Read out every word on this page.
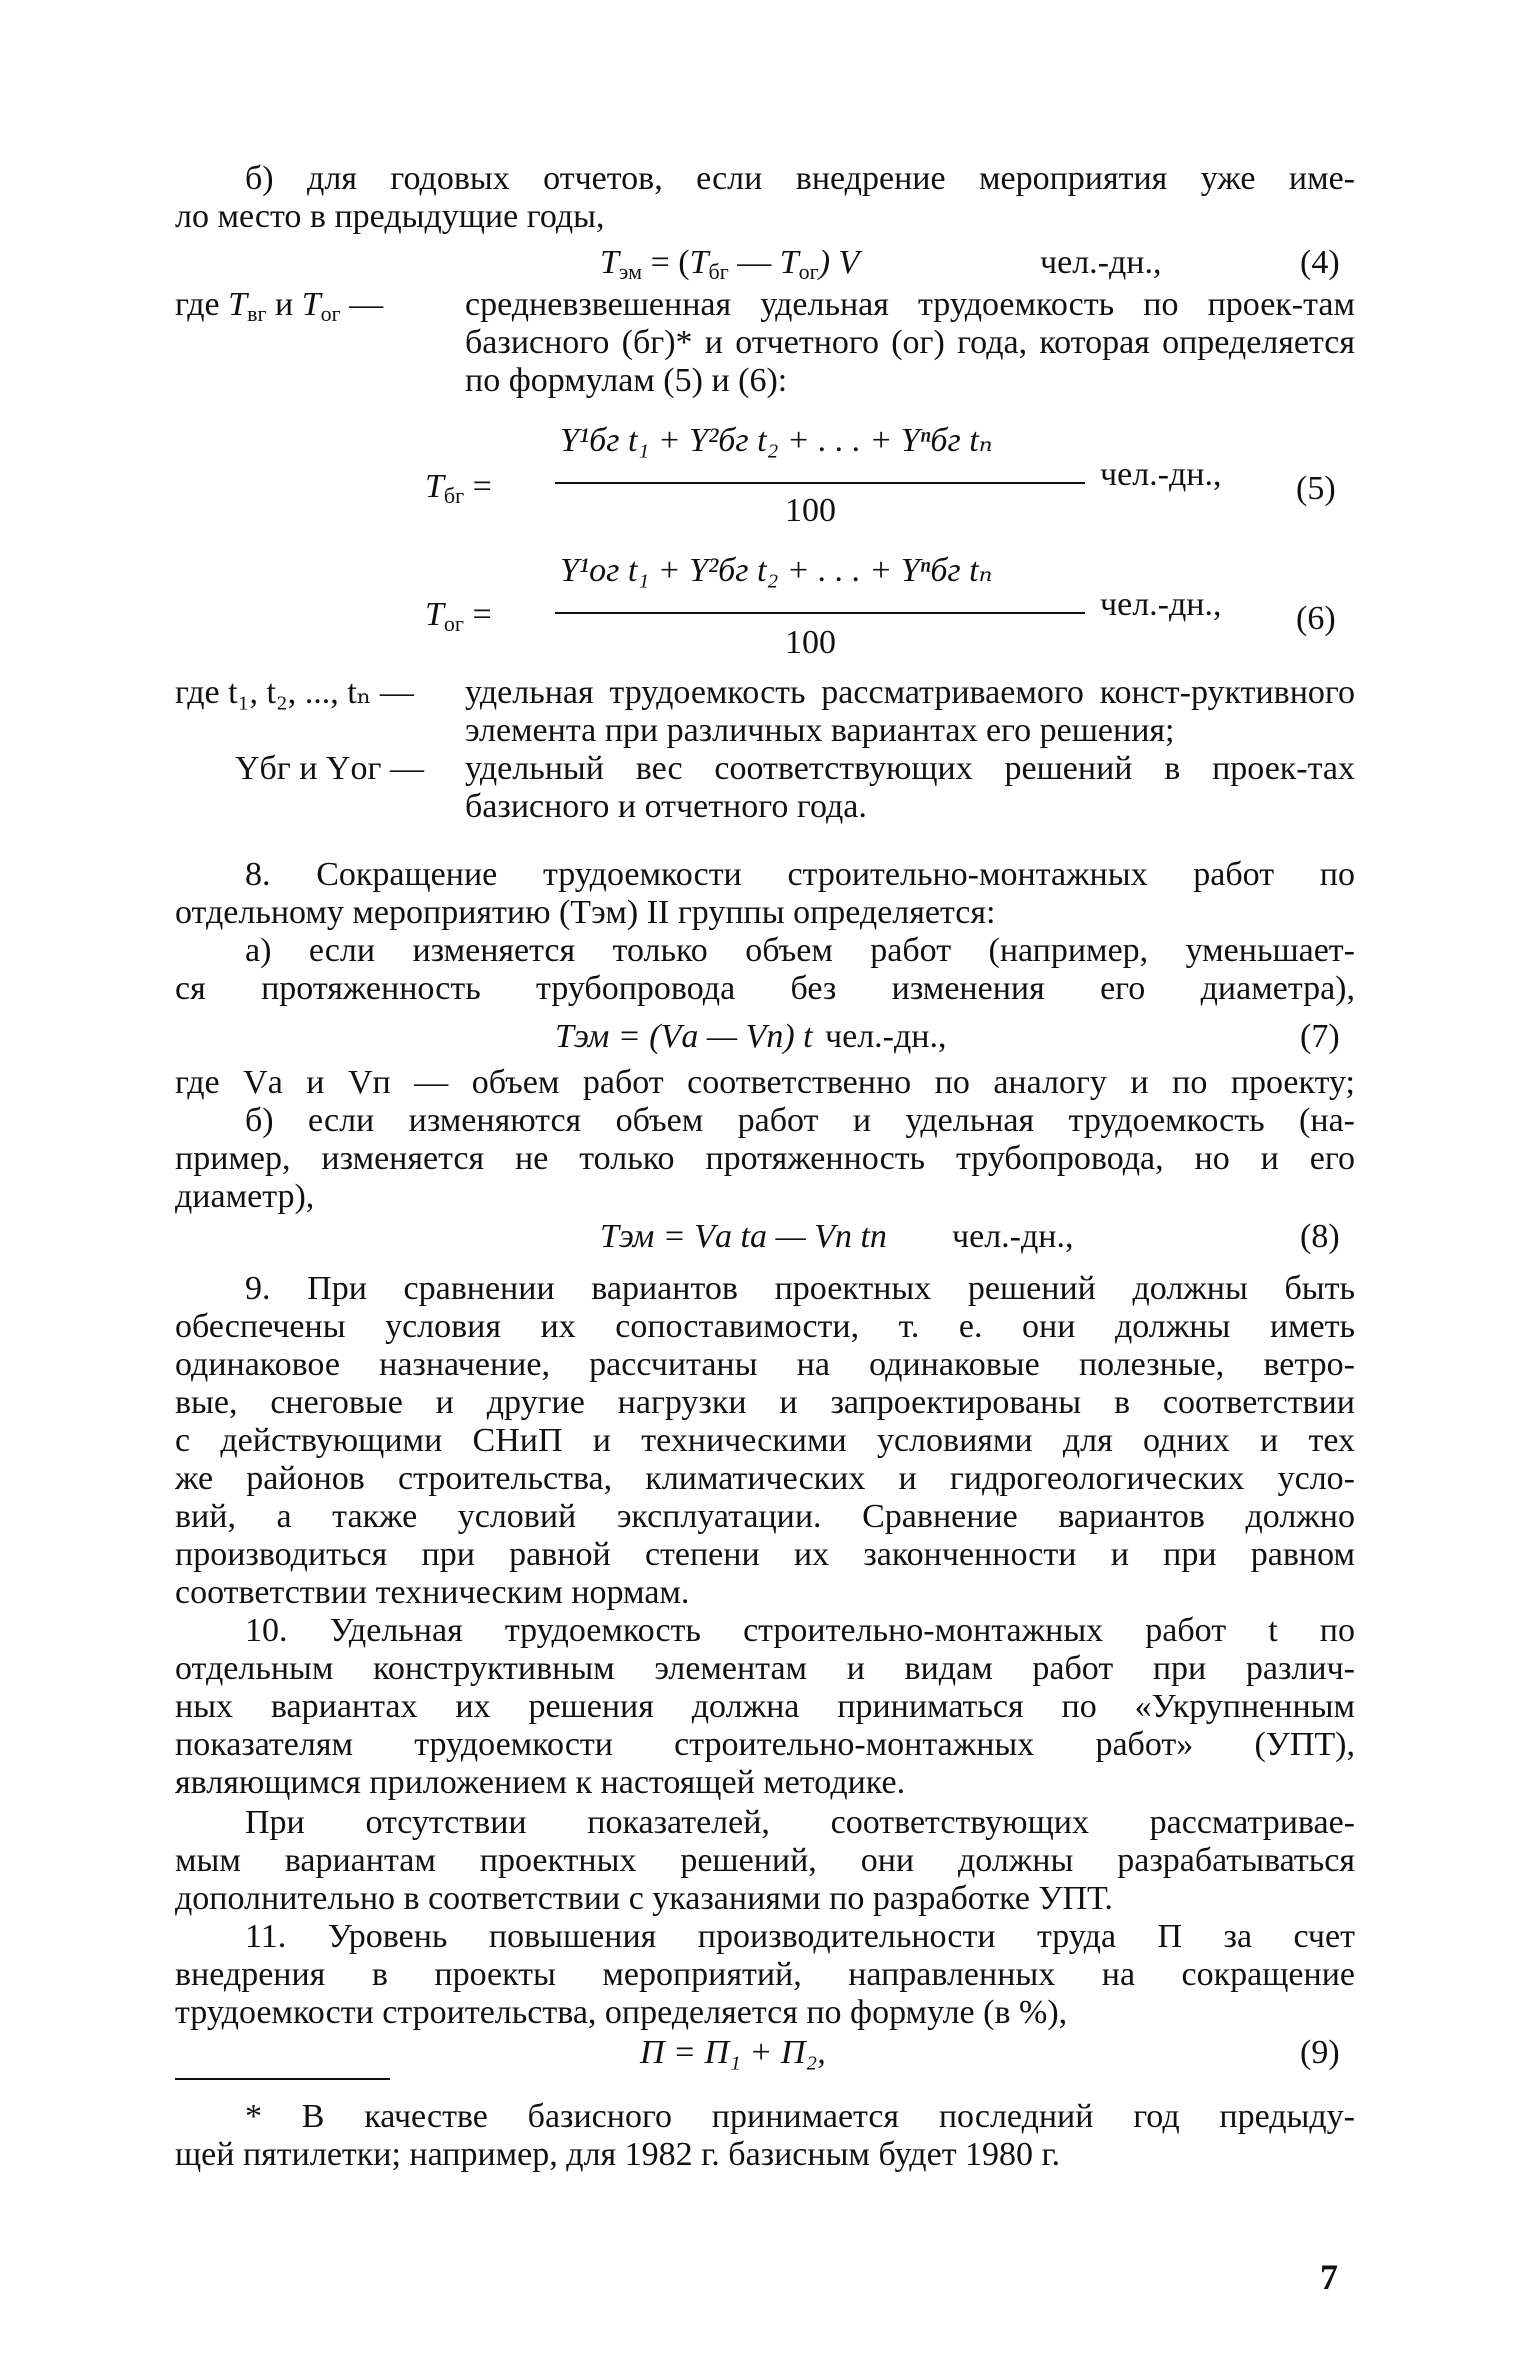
б) для годовых отчетов, если внедрение мероприятия уже име-
ло место в предыдущие годы,
$T_{эм} = (T_{бг}$ — $T_{ог}$) V	чел.-дн.,	(4)
где $T_{вг}$ и $T_{ог}$ — средневзвешенная удельная трудоемкость по проек-там базисного (бг)* и отчетного (ог) года, которая определяется по формулам (5) и (6):
$T_{бг}$ =
Y¹бг t₁ + Y²бг t₂ + . . . + Yⁿбг tₙ
100
чел.-дн., (5)
$T_{ог}$ =
Y¹ог t₁ + Y²бг t₂ + . . . + Yⁿбг tₙ
100
чел.-дн., (6)
где t₁, t₂, ..., tₙ — удельная трудоемкость рассматриваемого конст-руктивного элемента при различных вариантах его решения;
Yбг и Yог — удельный вес соответствующих решений в проек-тах базисного и отчетного года.
8. Сокращение трудоемкости строительно-монтажных работ по
отдельному мероприятию (Tэм) II группы определяется:
а) если изменяется только объем работ (например, уменьшает-
ся протяженность трубопровода без изменения его диаметра),
Tэм = (Vа — Vп) t чел.-дн.,	(7)
где Vа и Vп — объем работ соответственно по аналогу и по проекту;
б) если изменяются объем работ и удельная трудоемкость (на-
пример, изменяется не только протяженность трубопровода, но и его
диаметр),
Tэм = Vа tа — Vп tп чел.-дн.,	(8)
9. При сравнении вариантов проектных решений должны быть
обеспечены условия их сопоставимости, т. е. они должны иметь
одинаковое назначение, рассчитаны на одинаковые полезные, ветро-
вые, снеговые и другие нагрузки и запроектированы в соответствии
с действующими СНиП и техническими условиями для одних и тех
же районов строительства, климатических и гидрогеологических усло-
вий, а также условий эксплуатации. Сравнение вариантов должно
производиться при равной степени их законченности и при равном
соответствии техническим нормам.
10. Удельная трудоемкость строительно-монтажных работ t по
отдельным конструктивным элементам и видам работ при различ-
ных вариантах их решения должна приниматься по «Укрупненным
показателям трудоемкости строительно-монтажных работ» (УПТ),
являющимся приложением к настоящей методике.
При отсутствии показателей, соответствующих рассматривае-
мым вариантам проектных решений, они должны разрабатываться
дополнительно в соответствии с указаниями по разработке УПТ.
11. Уровень повышения производительности труда П за счет
внедрения в проекты мероприятий, направленных на сокращение
трудоемкости строительства, определяется по формуле (в %),
П = П₁ + П₂,	(9)
* В качестве базисного принимается последний год предыду-
щей пятилетки; например, для 1982 г. базисным будет 1980 г.
7
